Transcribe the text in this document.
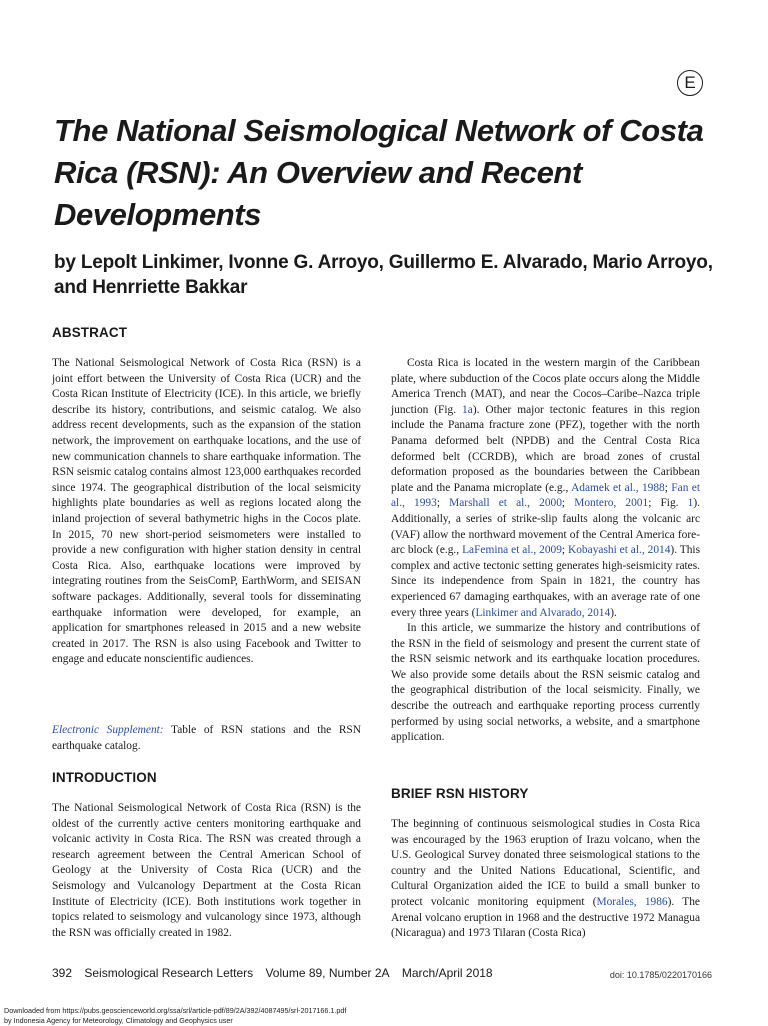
E
The National Seismological Network of Costa Rica (RSN): An Overview and Recent Developments

by Lepolt Linkimer, Ivonne G. Arroyo, Guillermo E. Alvarado, Mario Arroyo, and Henrriette Bakkar

ABSTRACT

The National Seismological Network of Costa Rica (RSN) is a joint effort between the University of Costa Rica (UCR) and the Costa Rican Institute of Electricity (ICE). In this article, we briefly describe its history, contributions, and seismic catalog. We also address recent developments, such as the expansion of the station network, the improvement on earthquake locations, and the use of new communication channels to share earthquake information. The RSN seismic catalog contains almost 123,000 earthquakes recorded since 1974. The geographical distribution of the local seismicity highlights plate boundaries as well as regions located along the inland projection of several bathymetric highs in the Cocos plate. In 2015, 70 new short-period seismometers were installed to provide a new configuration with higher station density in central Costa Rica. Also, earthquake locations were improved by integrating routines from the SeisComP, EarthWorm, and SEISAN software packages. Additionally, several tools for disseminating earthquake information were developed, for example, an application for smartphones released in 2015 and a new website created in 2017. The RSN is also using Facebook and Twitter to engage and educate nonscientific audiences.

Electronic Supplement: Table of RSN stations and the RSN earthquake catalog.

INTRODUCTION

The National Seismological Network of Costa Rica (RSN) is the oldest of the currently active centers monitoring earthquake and volcanic activity in Costa Rica. The RSN was created through a research agreement between the Central American School of Geology at the University of Costa Rica (UCR) and the Seismology and Vulcanology Department at the Costa Rican Institute of Electricity (ICE). Both institutions work together in topics related to seismology and vulcanology since 1973, although the RSN was officially created in 1982.

Costa Rica is located in the western margin of the Caribbean plate, where subduction of the Cocos plate occurs along the Middle America Trench (MAT), and near the Cocos–Caribe–Nazca triple junction (Fig. 1a). Other major tectonic features in this region include the Panama fracture zone (PFZ), together with the north Panama deformed belt (NPDB) and the Central Costa Rica deformed belt (CCRDB), which are broad zones of crustal deformation proposed as the boundaries between the Caribbean plate and the Panama microplate (e.g., Adamek et al., 1988; Fan et al., 1993; Marshall et al., 2000; Montero, 2001; Fig. 1). Additionally, a series of strike-slip faults along the volcanic arc (VAF) allow the northward movement of the Central America fore-arc block (e.g., LaFemina et al., 2009; Kobayashi et al., 2014). This complex and active tectonic setting generates high-seismicity rates. Since its independence from Spain in 1821, the country has experienced 67 damaging earthquakes, with an average rate of one every three years (Linkimer and Alvarado, 2014).

In this article, we summarize the history and contributions of the RSN in the field of seismology and present the current state of the RSN seismic network and its earthquake location procedures. We also provide some details about the RSN seismic catalog and the geographical distribution of the local seismicity. Finally, we describe the outreach and earthquake reporting process currently performed by using social networks, a website, and a smartphone application.

BRIEF RSN HISTORY

The beginning of continuous seismological studies in Costa Rica was encouraged by the 1963 eruption of Irazu volcano, when the U.S. Geological Survey donated three seismological stations to the country and the United Nations Educational, Scientific, and Cultural Organization aided the ICE to build a small bunker to protect volcanic monitoring equipment (Morales, 1986). The Arenal volcano eruption in 1968 and the destructive 1972 Managua (Nicaragua) and 1973 Tilaran (Costa Rica)

392 Seismological Research Letters Volume 89, Number 2A March/April 2018	doi: 10.1785/0220170166
Downloaded from https://pubs.geoscienceworld.org/ssa/srl/article-pdf/89/2A/392/4087495/srl-2017166.1.pdf
by Indonesia Agency for Meteorology, Climatology and Geophysics user
